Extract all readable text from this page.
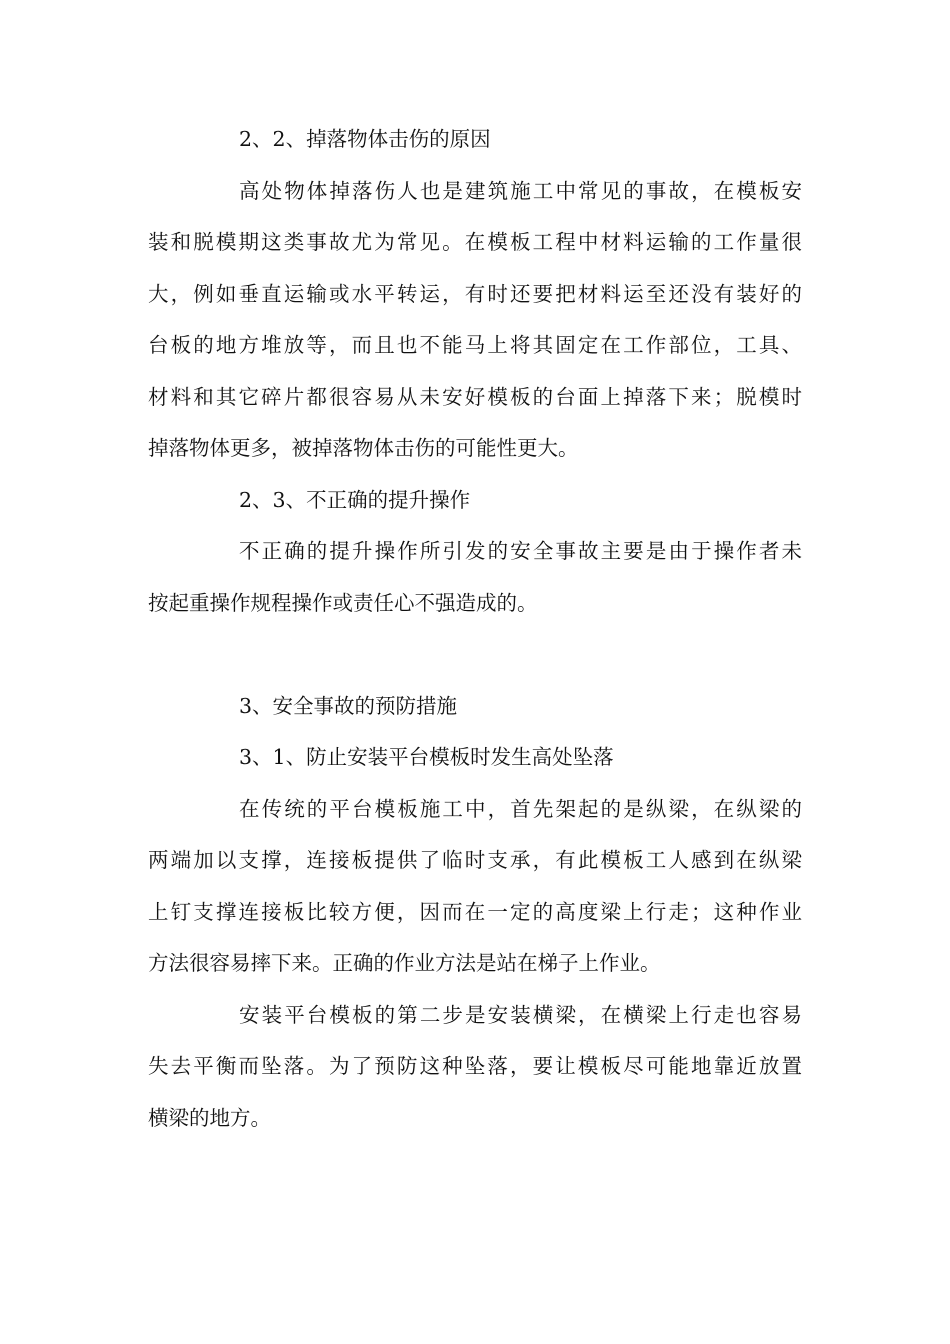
2、2、掉落物体击伤的原因
高处物体掉落伤人也是建筑施工中常见的事故，在模板安
装和脱模期这类事故尤为常见。在模板工程中材料运输的工作量很
大，例如垂直运输或水平转运，有时还要把材料运至还没有装好的
台板的地方堆放等，而且也不能马上将其固定在工作部位，工具、
材料和其它碎片都很容易从未安好模板的台面上掉落下来；脱模时
掉落物体更多，被掉落物体击伤的可能性更大。
2、3、不正确的提升操作
不正确的提升操作所引发的安全事故主要是由于操作者未
按起重操作规程操作或责任心不强造成的。
3、安全事故的预防措施
3、1、防止安装平台模板时发生高处坠落
在传统的平台模板施工中，首先架起的是纵梁，在纵梁的
两端加以支撑，连接板提供了临时支承，有此模板工人感到在纵梁
上钉支撑连接板比较方便，因而在一定的高度梁上行走；这种作业
方法很容易摔下来。正确的作业方法是站在梯子上作业。
安装平台模板的第二步是安装横梁，在横梁上行走也容易
失去平衡而坠落。为了预防这种坠落，要让模板尽可能地靠近放置
横梁的地方。
